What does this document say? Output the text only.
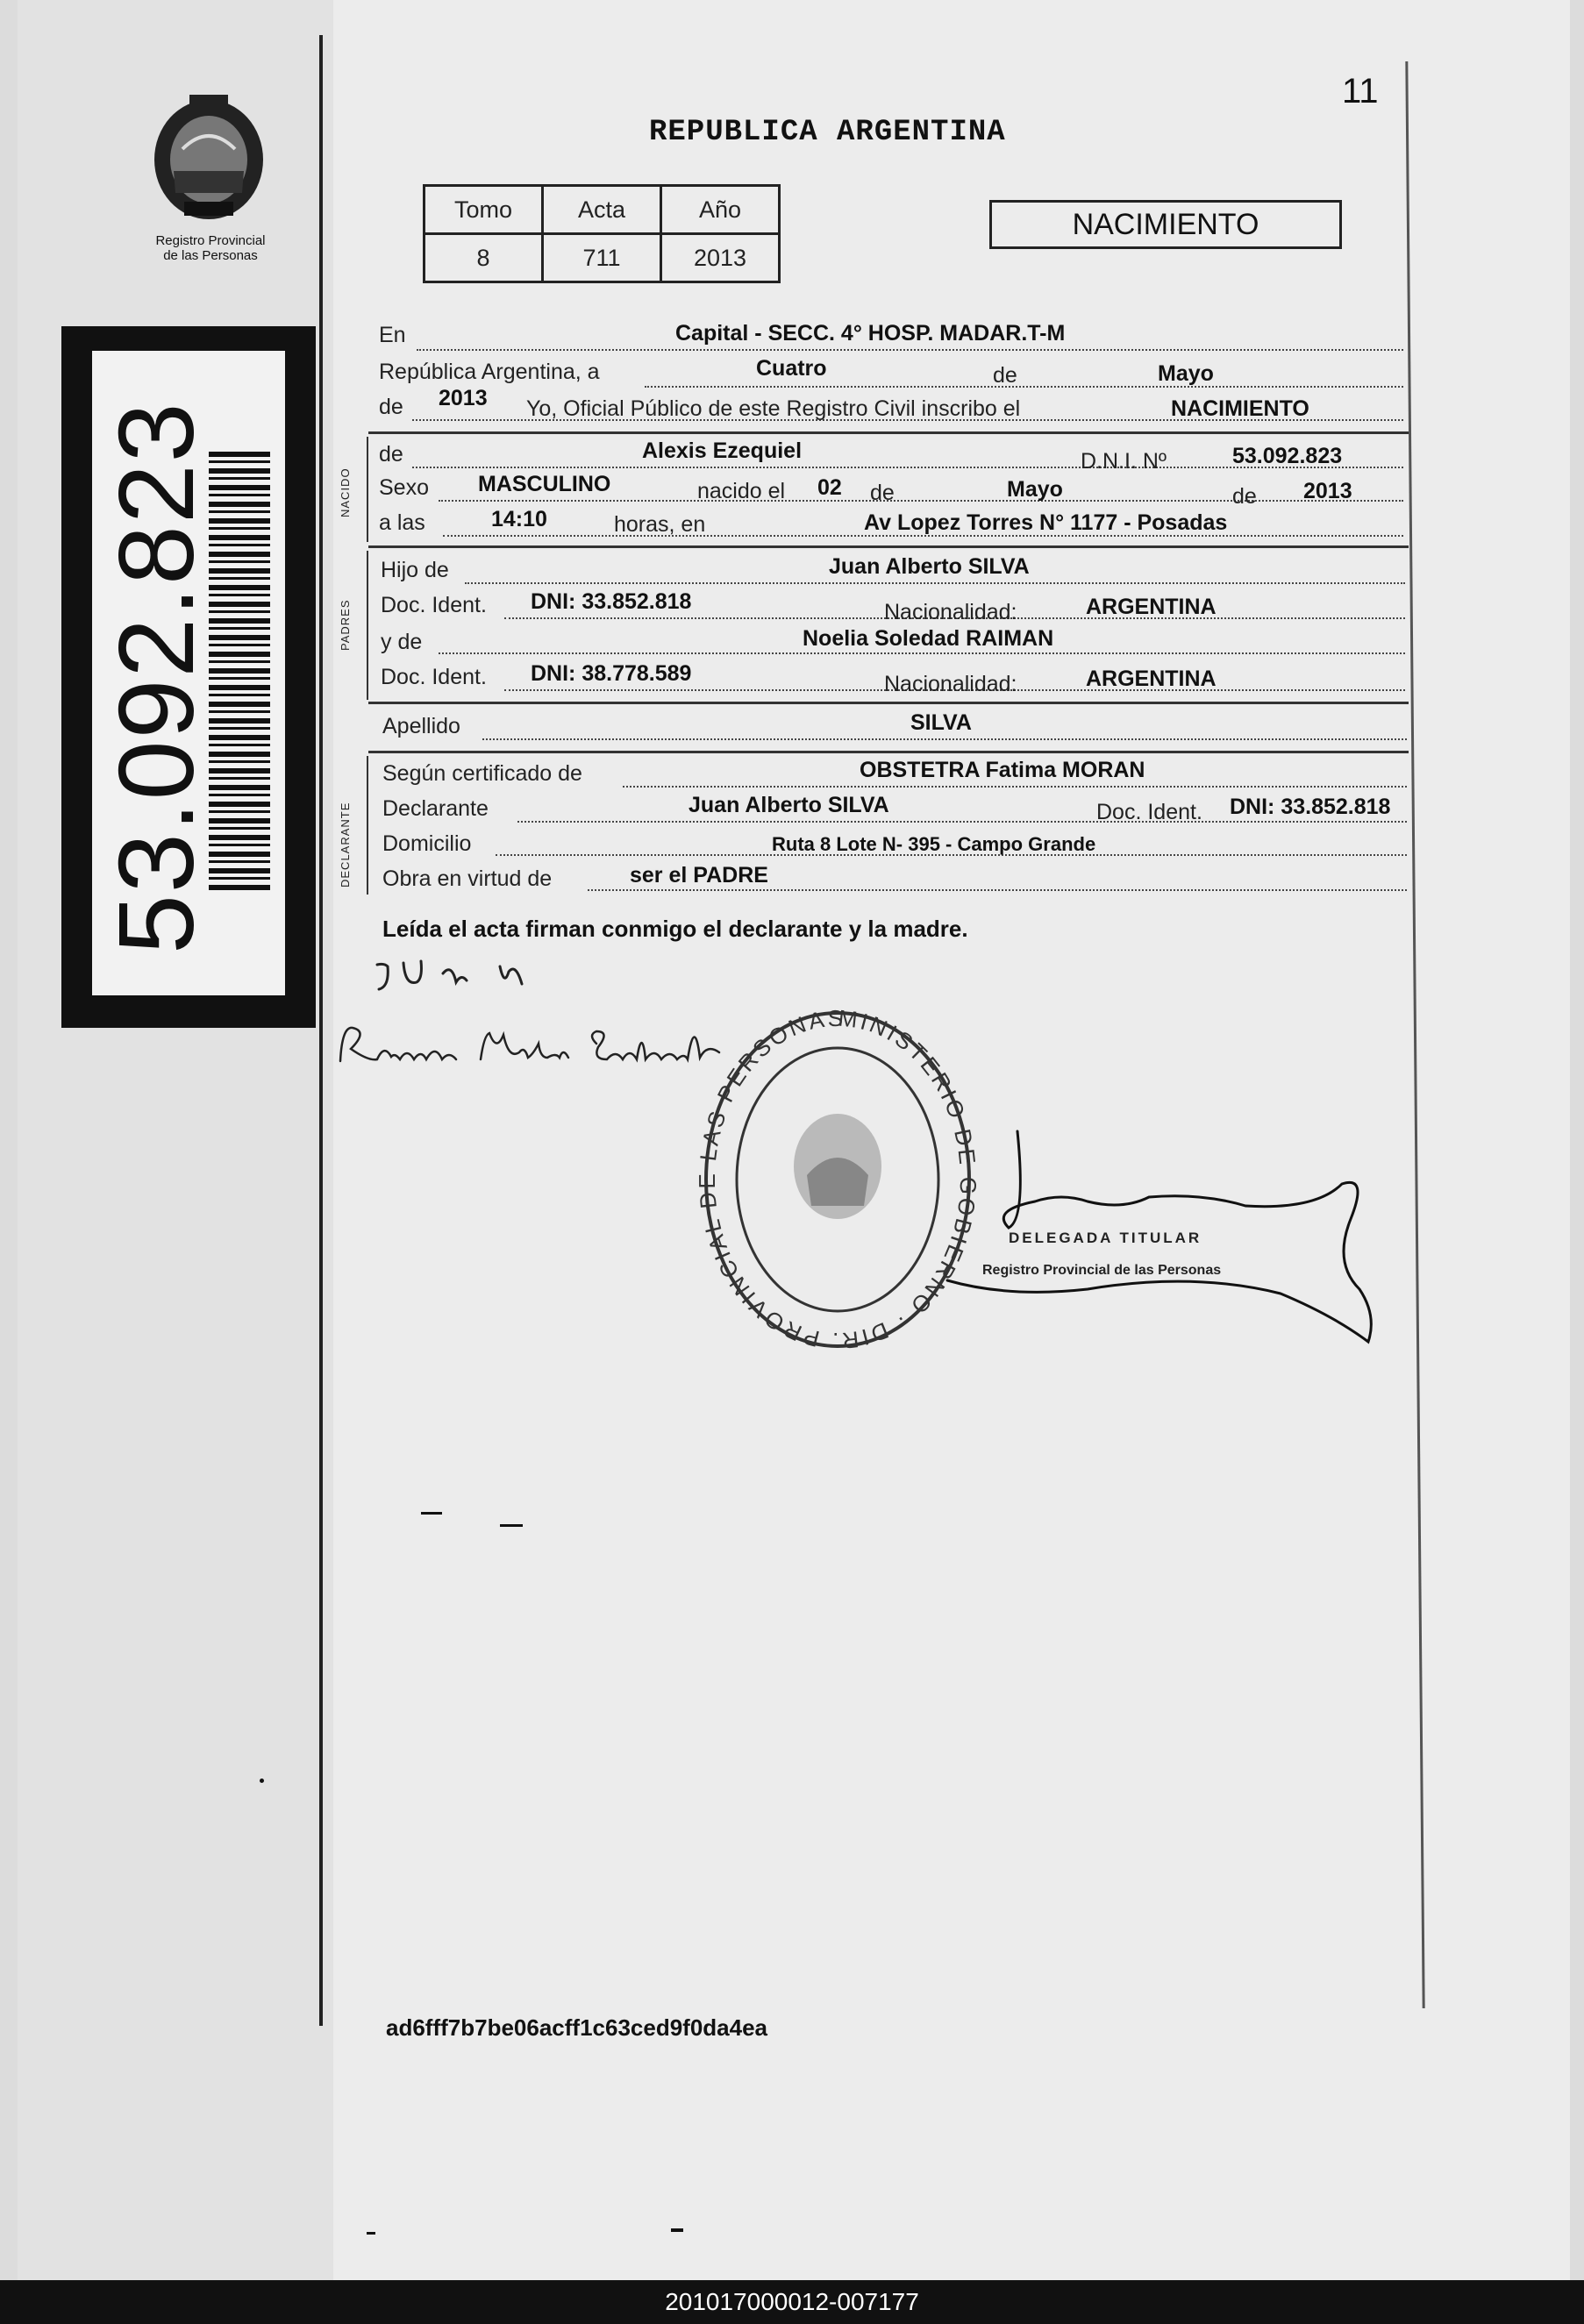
11
REPUBLICA ARGENTINA
Registro Provincial
de las Personas
53.092.823
Tomo	Acta	Año
8	711	2013
NACIMIENTO
En	Capital - SECC. 4° HOSP. MADAR.T-M
República Argentina, a	Cuatro	de	Mayo
de 2013 Yo, Oficial Público de este Registro Civil inscribo el	NACIMIENTO
NACIDO
de	Alexis Ezequiel	D.N.I. Nº	53.092.823
Sexo MASCULINO	nacido el 02 de	Mayo	de 2013
a las	14:10	horas, en	Av Lopez Torres N° 1177 - Posadas
PADRES
Hijo de	Juan Alberto SILVA
Doc. Ident. DNI: 33.852.818	Nacionalidad:	ARGENTINA
y de	Noelia Soledad RAIMAN
Doc. Ident. DNI: 38.778.589	Nacionalidad:	ARGENTINA
Apellido	SILVA
DECLARANTE
Según certificado de	OBSTETRA Fatima MORAN
Declarante	Juan Alberto SILVA	Doc. Ident. DNI: 33.852.818
Domicilio	Ruta 8 Lote N- 395 - Campo Grande
Obra en virtud de	ser el PADRE
Leída el acta firman conmigo el declarante y la madre.
MINISTERIO DE GOBIERNO · DIR. PROVINCIAL DE LAS PERSONAS
DELEGADA TITULAR
Registro Provincial de las Personas
ad6fff7b7be06acff1c63ced9f0da4ea
201017000012-007177
